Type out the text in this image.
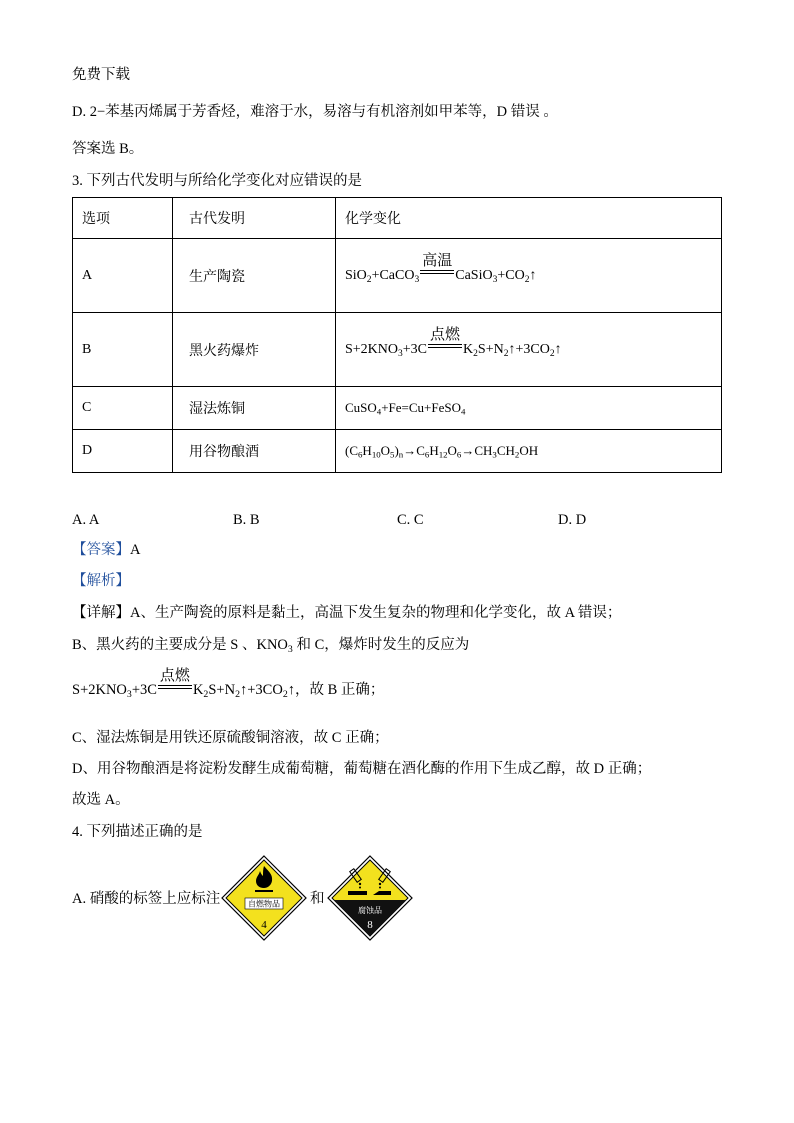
免费下载
D. 2−苯基丙烯属于芳香烃，难溶于水，易溶与有机溶剂如甲苯等，D 错误 。
答案选 B。
3. 下列古代发明与所给化学变化对应错误的是
选项	古代发明	化学变化
A	生产陶瓷	SiO$_2$+CaCO$_3$
高温
$CaSiO_3+CO_2↑$
B	黑火药爆炸	$S+2KNO_3+3C$
点燃
$K_2S+N_2↑+3CO_2↑$
C	湿法炼铜	CuSO$_4$+Fe=Cu+FeSO$_4$
D	用谷物酿酒	$(C_6H_{10}O_5)_n\to C_6H_{12}O_6\to CH_3CH_2OH$
A. A	B. B	C. C	D. D
【答案】A
【解析】
【详解】A、生产陶瓷的原料是黏土，高温下发生复杂的物理和化学变化，故 A 错误；
B、黑火药的主要成分是 S 、$KNO_3$ 和 C，爆炸时发生的反应为
$S+2KNO_3+3C$
点燃
$K_2S+N_2↑+3CO_2↑$，故 B 正确；
C、湿法炼铜是用铁还原硫酸铜溶液，故 C 正确；
D、用谷物酿酒是将淀粉发酵生成葡萄糖，葡萄糖在酒化酶的作用下生成乙醇，故 D 正确；
故选 A。
4. 下列描述正确的是
A. 硝酸的标签上应标注	自燃物品
4
和
腐蚀品
8
